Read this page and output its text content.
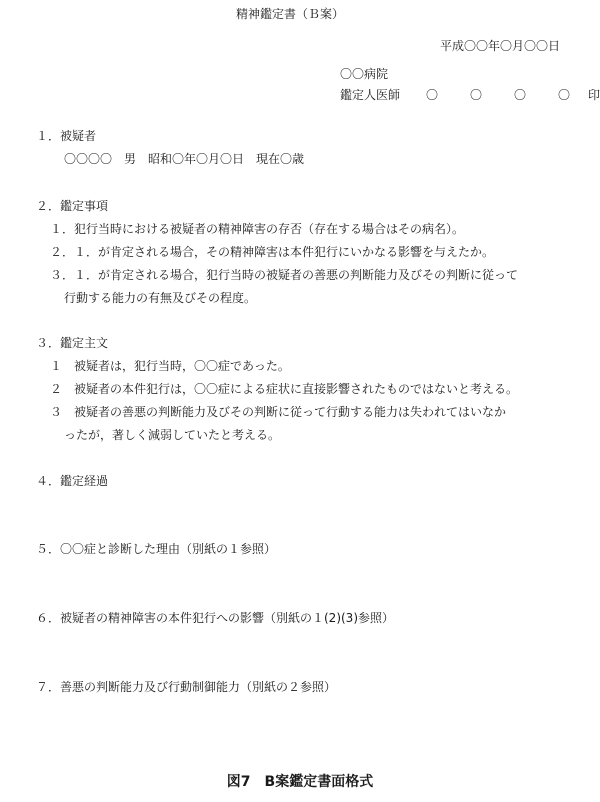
精神鑑定書（Ｂ案）
平成〇〇年〇月〇〇日
〇〇病院
鑑定人医師 〇　〇　〇　〇 印
１．被疑者
〇〇〇〇　男　昭和〇年〇月〇日　現在〇歳
２．鑑定事項
１．犯行当時における被疑者の精神障害の存否（存在する場合はその病名）。
２．１．が肯定される場合，その精神障害は本件犯行にいかなる影響を与えたか。
３．１．が肯定される場合，犯行当時の被疑者の善悪の判断能力及びその判断に従って
行動する能力の有無及びその程度。
３．鑑定主文
１　被疑者は，犯行当時，〇〇症であった。
２　被疑者の本件犯行は，〇〇症による症状に直接影響されたものではないと考える。
３　被疑者の善悪の判断能力及びその判断に従って行動する能力は失われてはいなか
ったが，著しく減弱していたと考える。
４．鑑定経過
５．〇〇症と診断した理由（別紙の１参照）
６．被疑者の精神障害の本件犯行への影響（別紙の１(2)(3)参照）
７．善悪の判断能力及び行動制御能力（別紙の２参照）
図7　B案鑑定書面格式
